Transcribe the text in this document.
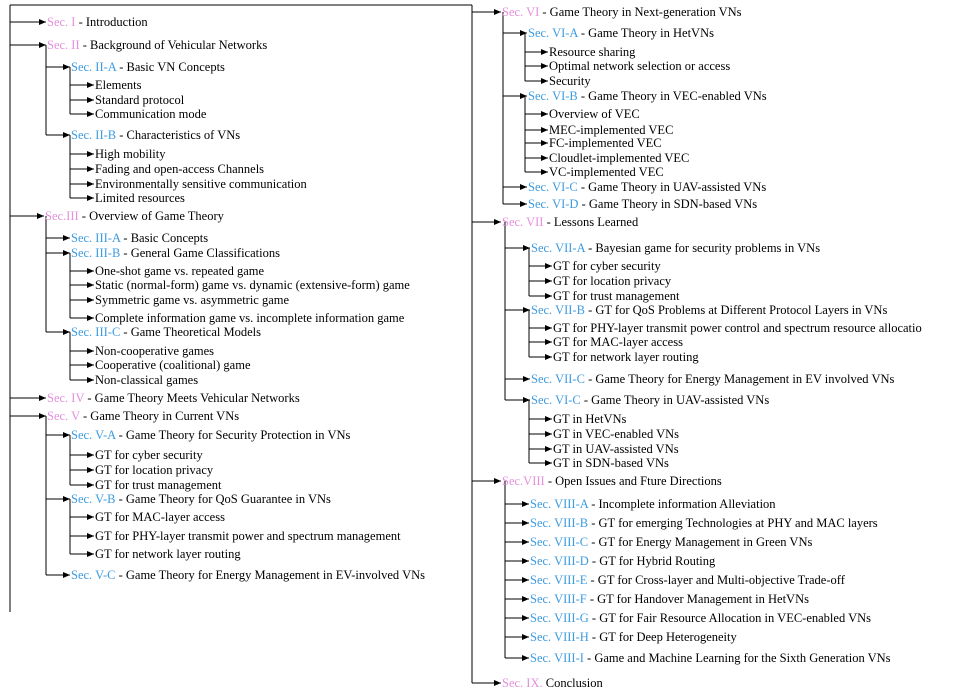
Sec. I - Introduction
Sec. II - Background of Vehicular Networks
Sec. II-A - Basic VN Concepts
Elements
Standard protocol
Communication mode
Sec. II-B - Characteristics of VNs
High mobility
Fading and open-access Channels
Environmentally sensitive communication
Limited resources
Sec.III - Overview of Game Theory
Sec. III-A - Basic Concepts
Sec. III-B - General Game Classifications
One-shot game vs. repeated game
Static (normal-form) game vs. dynamic (extensive-form) game
Symmetric game vs. asymmetric game
Complete information game vs. incomplete information game
Sec. III-C - Game Theoretical Models
Non-cooperative games
Cooperative (coalitional) game
Non-classical games
Sec. IV - Game Theory Meets Vehicular Networks
Sec. V - Game Theory in Current VNs
Sec. V-A - Game Theory for Security Protection in VNs
GT for cyber security
GT for location privacy
GT for trust management
Sec. V-B - Game Theory for QoS Guarantee in VNs
GT for MAC-layer access
GT for PHY-layer transmit power and spectrum management
GT for network layer routing
Sec. V-C - Game Theory for Energy Management in EV-involved VNs
Sec. VI - Game Theory in Next-generation VNs
Sec. VI-A - Game Theory in HetVNs
Resource sharing
Optimal network selection or access
Security
Sec. VI-B - Game Theory in VEC-enabled VNs
Overview of VEC
MEC-implemented VEC
FC-implemented VEC
Cloudlet-implemented VEC
VC-implemented VEC
Sec. VI-C - Game Theory in UAV-assisted VNs
Sec. VI-D - Game Theory in SDN-based VNs
Sec. VII - Lessons Learned
Sec. VII-A - Bayesian game for security problems in VNs
GT for cyber security
GT for location privacy
GT for trust management
Sec. VII-B - GT for QoS Problems at Different Protocol Layers in VNs
GT for PHY-layer transmit power control and spectrum resource allocatio
GT for MAC-layer access
GT for network layer routing
Sec. VII-C - Game Theory for Energy Management in EV involved VNs
Sec. VI-C - Game Theory in UAV-assisted VNs
GT in HetVNs
GT in VEC-enabled VNs
GT in UAV-assisted VNs
GT in SDN-based VNs
Sec.VIII - Open Issues and Fture Directions
Sec. VIII-A - Incomplete information Alleviation
Sec. VIII-B - GT for emerging Technologies at PHY and MAC layers
Sec. VIII-C - GT for Energy Management in Green VNs
Sec. VIII-D - GT for Hybrid Routing
Sec. VIII-E - GT for Cross-layer and Multi-objective Trade-off
Sec. VIII-F - GT for Handover Management in HetVNs
Sec. VIII-G - GT for Fair Resource Allocation in VEC-enabled VNs
Sec. VIII-H - GT for Deep Heterogeneity
Sec. VIII-I - Game and Machine Learning for the Sixth Generation VNs
Sec. IX. Conclusion
